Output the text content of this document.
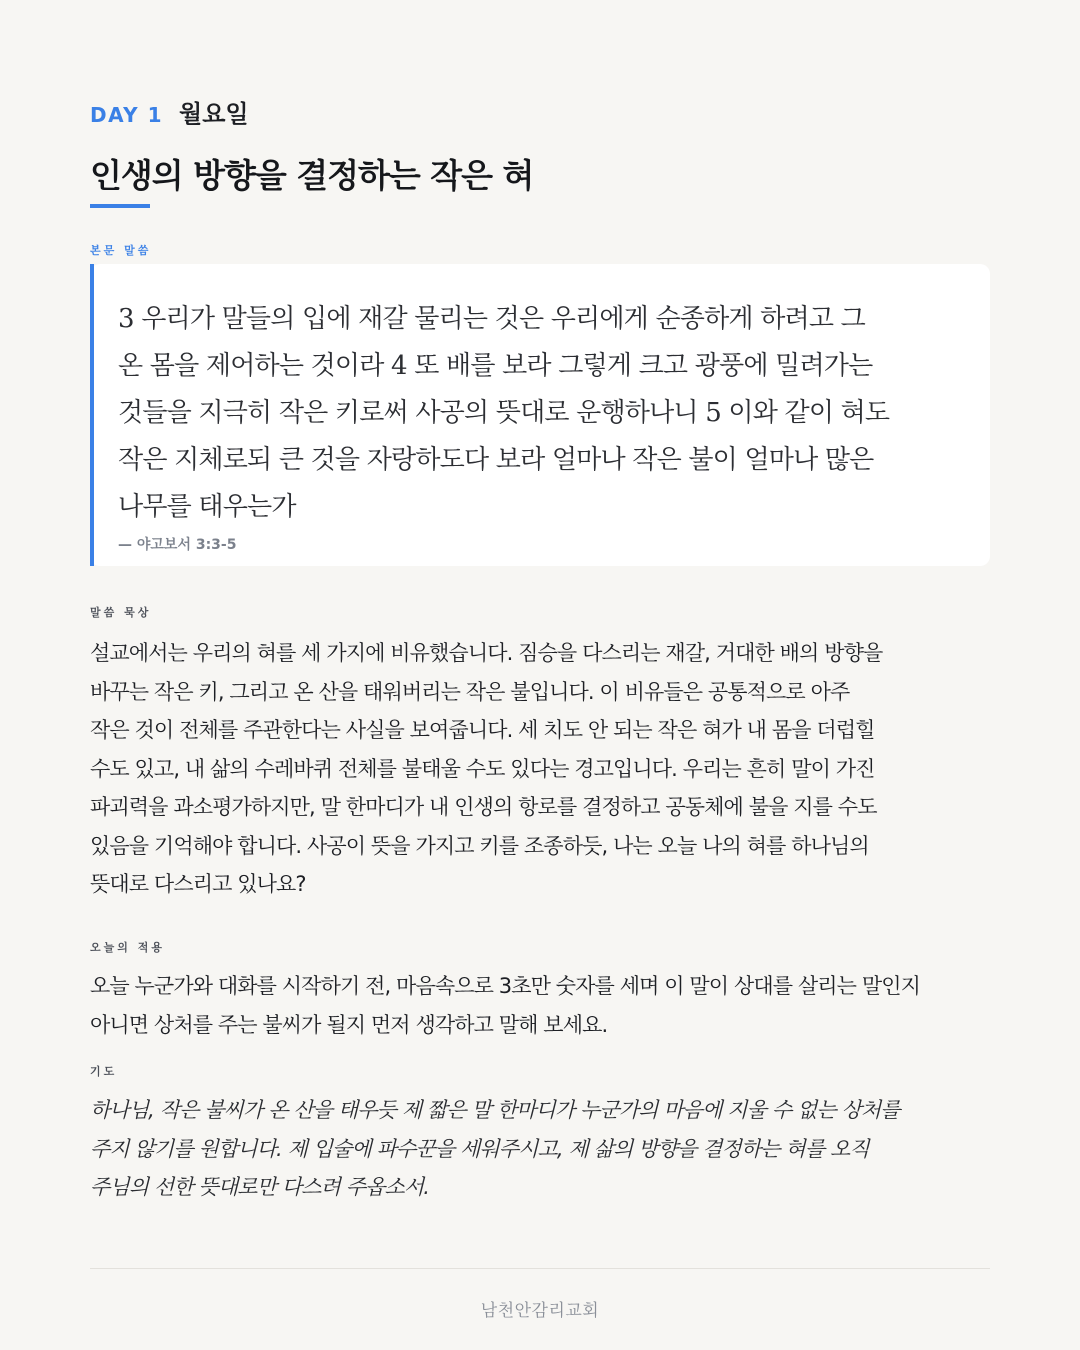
DAY 1 월요일
인생의 방향을 결정하는 작은 혀
본문 말씀
3 우리가 말들의 입에 재갈 물리는 것은 우리에게 순종하게 하려고 그
온 몸을 제어하는 것이라 4 또 배를 보라 그렇게 크고 광풍에 밀려가는
것들을 지극히 작은 키로써 사공의 뜻대로 운행하나니 5 이와 같이 혀도
작은 지체로되 큰 것을 자랑하도다 보라 얼마나 작은 불이 얼마나 많은
나무를 태우는가
— 야고보서 3:3-5
말씀 묵상
설교에서는 우리의 혀를 세 가지에 비유했습니다. 짐승을 다스리는 재갈, 거대한 배의 방향을
바꾸는 작은 키, 그리고 온 산을 태워버리는 작은 불입니다. 이 비유들은 공통적으로 아주
작은 것이 전체를 주관한다는 사실을 보여줍니다. 세 치도 안 되는 작은 혀가 내 몸을 더럽힐
수도 있고, 내 삶의 수레바퀴 전체를 불태울 수도 있다는 경고입니다. 우리는 흔히 말이 가진
파괴력을 과소평가하지만, 말 한마디가 내 인생의 항로를 결정하고 공동체에 불을 지를 수도
있음을 기억해야 합니다. 사공이 뜻을 가지고 키를 조종하듯, 나는 오늘 나의 혀를 하나님의
뜻대로 다스리고 있나요?
오늘의 적용
오늘 누군가와 대화를 시작하기 전, 마음속으로 3초만 숫자를 세며 이 말이 상대를 살리는 말인지
아니면 상처를 주는 불씨가 될지 먼저 생각하고 말해 보세요.
기도
하나님, 작은 불씨가 온 산을 태우듯 제 짧은 말 한마디가 누군가의 마음에 지울 수 없는 상처를
주지 않기를 원합니다. 제 입술에 파수꾼을 세워주시고, 제 삶의 방향을 결정하는 혀를 오직
주님의 선한 뜻대로만 다스려 주옵소서.
남천안감리교회
